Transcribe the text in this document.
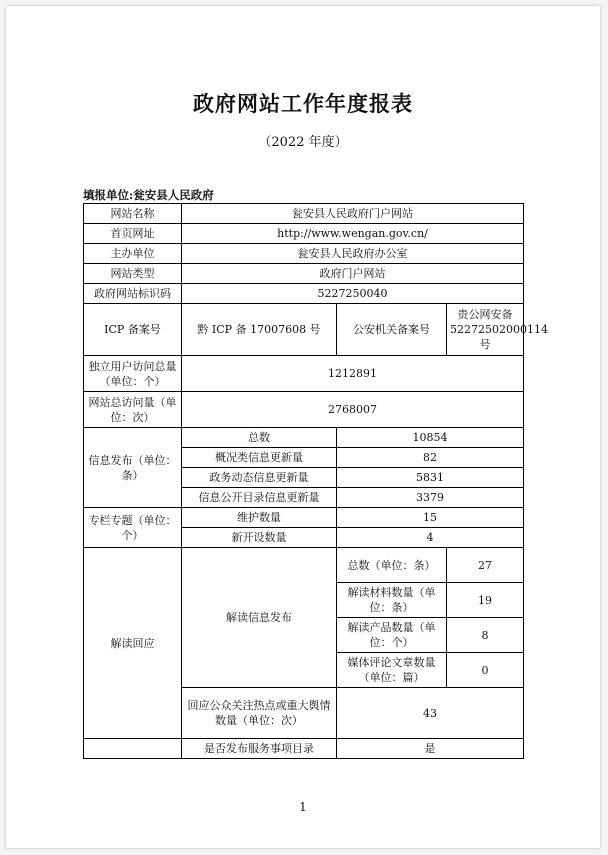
政府网站工作年度报表
（2022 年度）
填报单位:瓮安县人民政府
网站名称	瓮安县人民政府门户网站		
首页网址	http://www.wengan.gov.cn/		
主办单位	瓮安县人民政府办公室		
网站类型	政府门户网站		
政府网站标识码	5227250040		
ICP 备案号	黔 ICP 备 17007608 号	公安机关备案号	贵公网安备 52272502000114 号
独立用户访问总量（单位：个）	1212891		
网站总访问量（单位：次）	2768007		
信息发布（单位：条）	总数	10854	
	概况类信息更新量	82	
	政务动态信息更新量	5831	
	信息公开目录信息更新量	3379	
专栏专题（单位：个）	维护数量	15	
	新开设数量	4	
解读回应	解读信息发布	总数（单位：条）	27
		解读材料数量（单位：条）	19
		解读产品数量（单位：个）	8
		媒体评论文章数量（单位：篇）	0
	回应公众关注热点或重大舆情数量（单位：次）	43	
	是否发布服务事项目录	是	
1
